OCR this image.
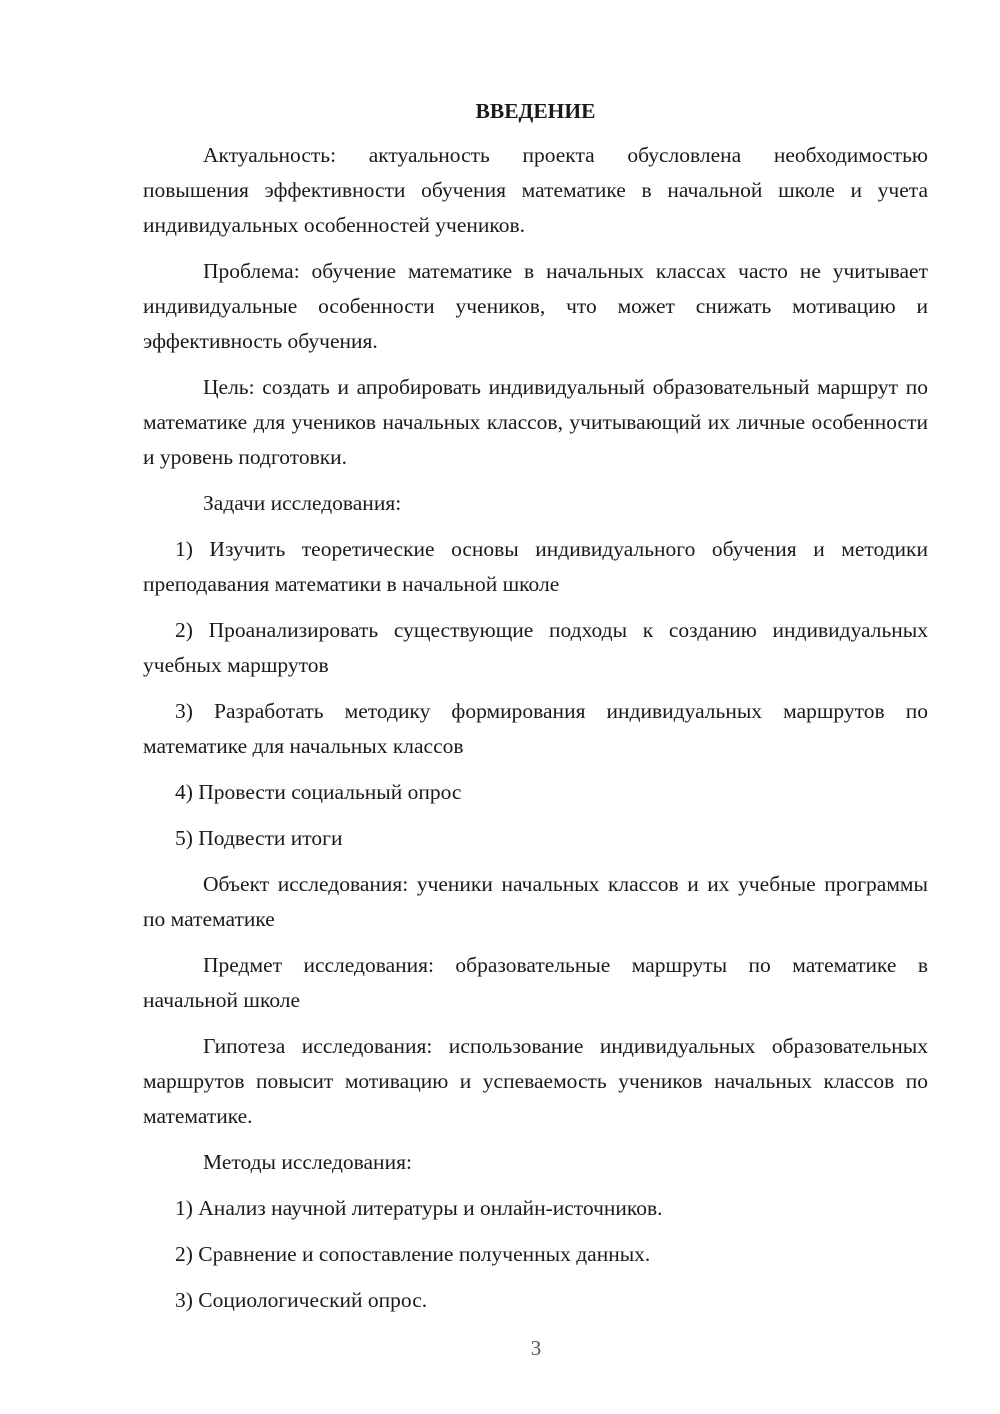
ВВЕДЕНИЕ

Актуальность: актуальность проекта обусловлена необходимостью повышения эффективности обучения математике в начальной школе и учета индивидуальных особенностей учеников.

Проблема: обучение математике в начальных классах часто не учитывает индивидуальные особенности учеников, что может снижать мотивацию и эффективность обучения.

Цель: создать и апробировать индивидуальный образовательный маршрут по математике для учеников начальных классов, учитывающий их личные особенности и уровень подготовки.

Задачи исследования:

1) Изучить теоретические основы индивидуального обучения и методики преподавания математики в начальной школе

2) Проанализировать существующие подходы к созданию индивидуальных учебных маршрутов

3) Разработать методику формирования индивидуальных маршрутов по математике для начальных классов

4) Провести социальный опрос

5) Подвести итоги

Объект исследования: ученики начальных классов и их учебные программы по математике

Предмет исследования: образовательные маршруты по математике в начальной школе

Гипотеза исследования: использование индивидуальных образовательных маршрутов повысит мотивацию и успеваемость учеников начальных классов по математике.

Методы исследования:

1) Анализ научной литературы и онлайн-источников.

2) Сравнение и сопоставление полученных данных.

3) Социологический опрос.

3
